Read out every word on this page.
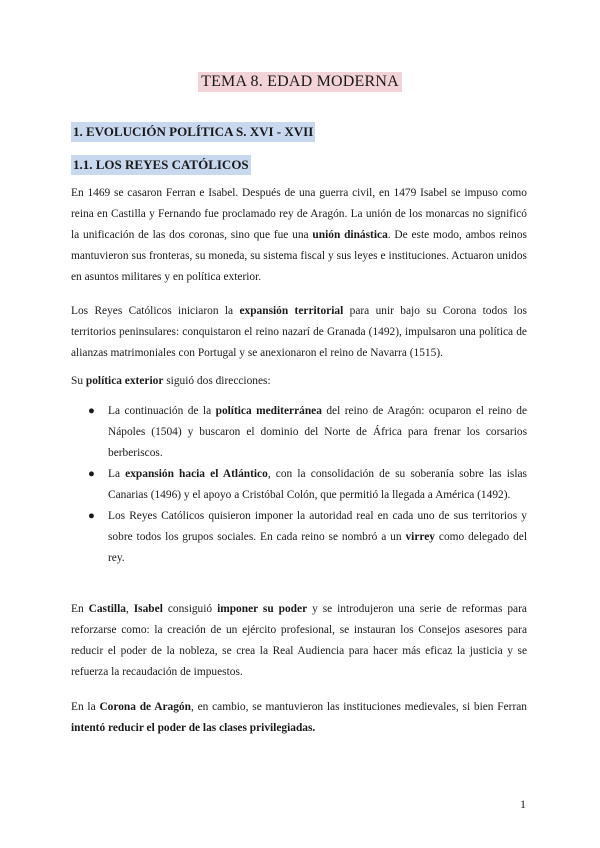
TEMA 8. EDAD MODERNA
1. EVOLUCIÓN POLÍTICA S. XVI - XVII
1.1. LOS REYES CATÓLICOS
En 1469 se casaron Ferran e Isabel. Después de una guerra civil, en 1479 Isabel se impuso como reina en Castilla y Fernando fue proclamado rey de Aragón. La unión de los monarcas no significó la unificación de las dos coronas, sino que fue una unión dinástica. De este modo, ambos reinos mantuvieron sus fronteras, su moneda, su sistema fiscal y sus leyes e instituciones. Actuaron unidos en asuntos militares y en política exterior.
Los Reyes Católicos iniciaron la expansión territorial para unir bajo su Corona todos los territorios peninsulares: conquistaron el reino nazarí de Granada (1492), impulsaron una política de alianzas matrimoniales con Portugal y se anexionaron el reino de Navarra (1515).
Su política exterior siguió dos direcciones:
● La continuación de la política mediterránea del reino de Aragón: ocuparon el reino de Nápoles (1504) y buscaron el dominio del Norte de África para frenar los corsarios berberiscos.
● La expansión hacia el Atlántico, con la consolidación de su soberanía sobre las islas Canarias (1496) y el apoyo a Cristóbal Colón, que permitió la llegada a América (1492).
● Los Reyes Católicos quisieron imponer la autoridad real en cada uno de sus territorios y sobre todos los grupos sociales. En cada reino se nombró a un virrey como delegado del rey.
En Castilla, Isabel consiguió imponer su poder y se introdujeron una serie de reformas para reforzarse como: la creación de un ejército profesional, se instauran los Consejos asesores para reducir el poder de la nobleza, se crea la Real Audiencia para hacer más eficaz la justicia y se refuerza la recaudación de impuestos.
En la Corona de Aragón, en cambio, se mantuvieron las instituciones medievales, si bien Ferran intentó reducir el poder de las clases privilegiadas.
1
